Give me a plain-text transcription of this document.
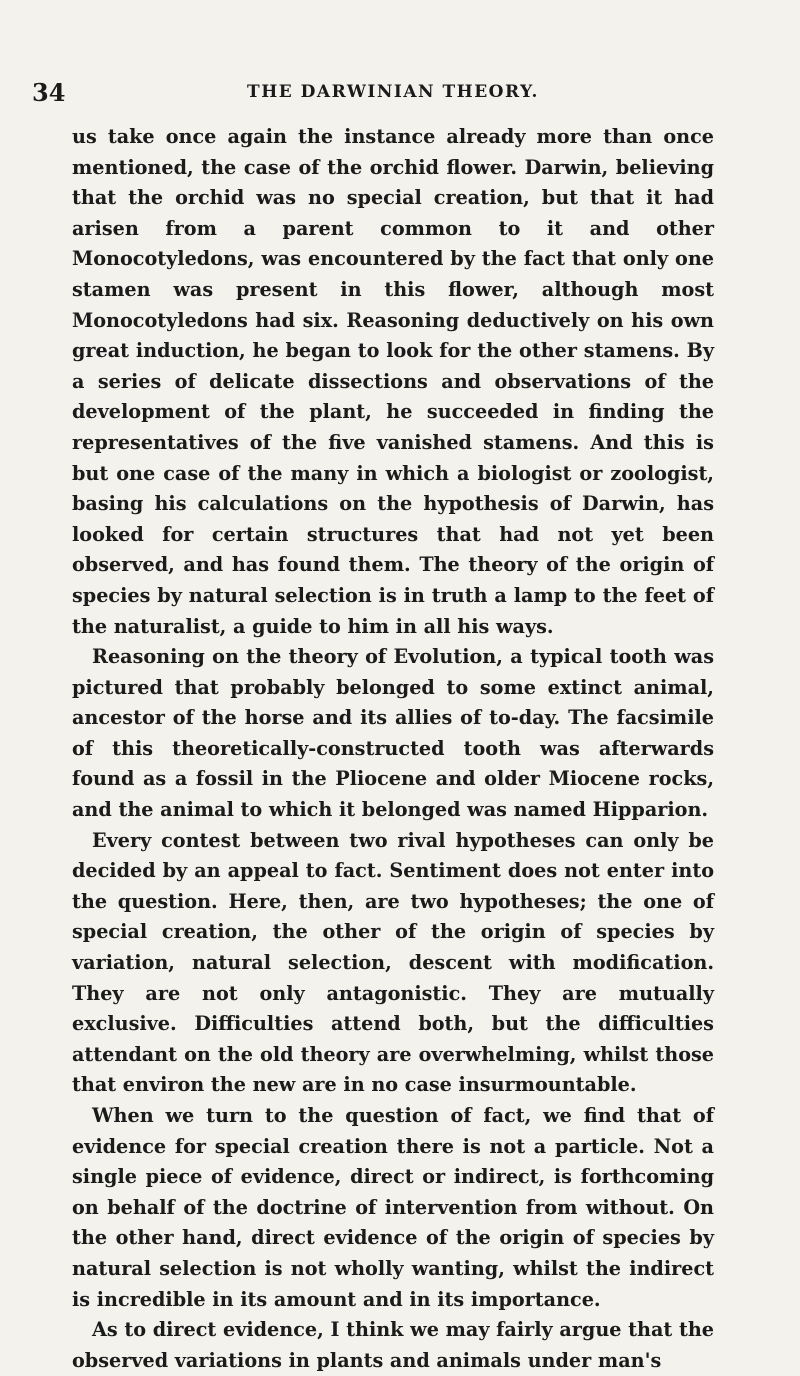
34	THE DARWINIAN THEORY.

us take once again the instance already more than once mentioned, the case of the orchid flower. Darwin, believing that the orchid was no special creation, but that it had arisen from a parent common to it and other Monocotyledons, was encountered by the fact that only one stamen was present in this flower, although most Monocotyledons had six. Reasoning deductively on his own great induction, he began to look for the other stamens. By a series of delicate dissections and observations of the development of the plant, he succeeded in finding the representatives of the five vanished stamens. And this is but one case of the many in which a biologist or zoologist, basing his calculations on the hypothesis of Darwin, has looked for certain structures that had not yet been observed, and has found them. The theory of the origin of species by natural selection is in truth a lamp to the feet of the naturalist, a guide to him in all his ways.

Reasoning on the theory of Evolution, a typical tooth was pictured that probably belonged to some extinct animal, ancestor of the horse and its allies of to-day. The facsimile of this theoretically-constructed tooth was afterwards found as a fossil in the Pliocene and older Miocene rocks, and the animal to which it belonged was named Hipparion.

Every contest between two rival hypotheses can only be decided by an appeal to fact. Sentiment does not enter into the question. Here, then, are two hypotheses; the one of special creation, the other of the origin of species by variation, natural selection, descent with modification. They are not only antagonistic. They are mutually exclusive. Difficulties attend both, but the difficulties attendant on the old theory are overwhelming, whilst those that environ the new are in no case insurmountable.

When we turn to the question of fact, we find that of evidence for special creation there is not a particle. Not a single piece of evidence, direct or indirect, is forthcoming on behalf of the doctrine of intervention from without. On the other hand, direct evidence of the origin of species by natural selection is not wholly wanting, whilst the indirect is incredible in its amount and in its importance.

As to direct evidence, I think we may fairly argue that the observed variations in plants and animals under man's
